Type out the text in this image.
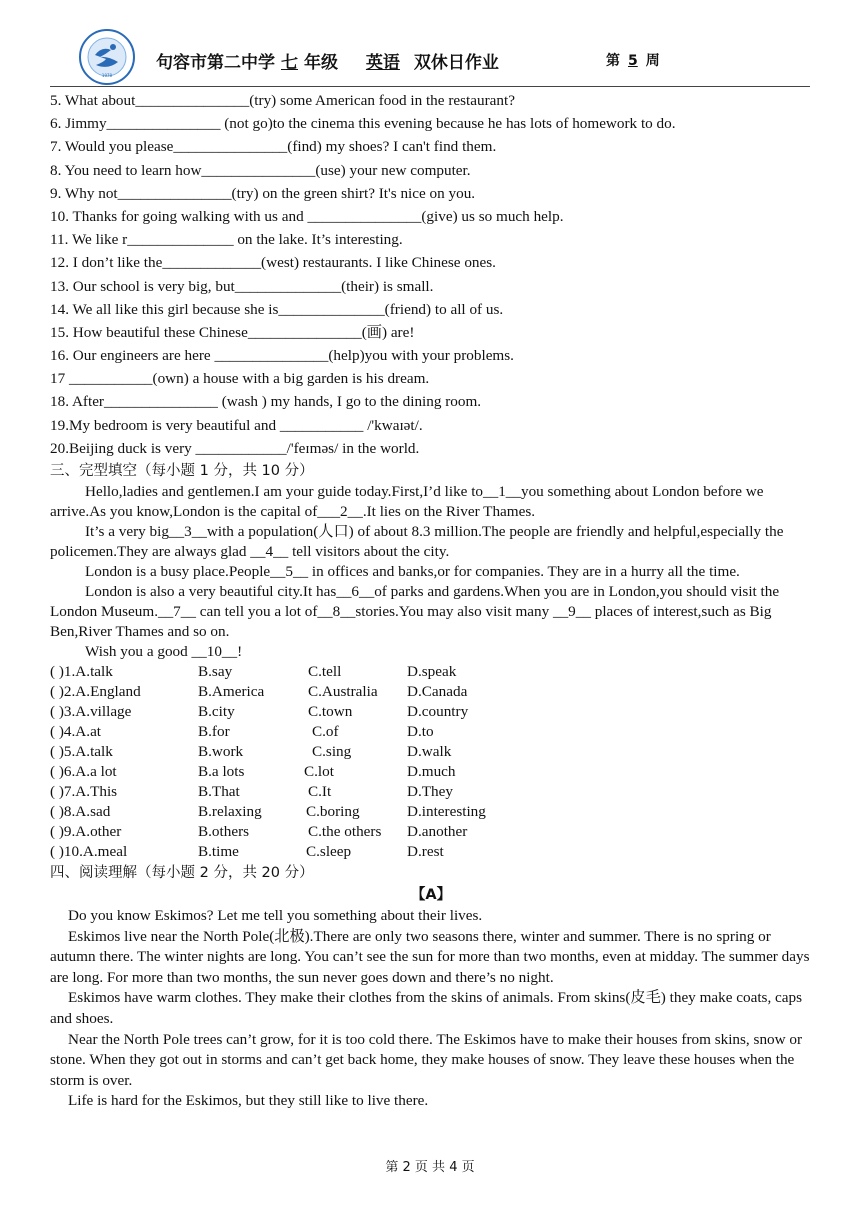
1978
句容市第二中学 七 年级 英语 双休日作业	第 5 周
5. What about_______________(try) some American food in the restaurant?
6. Jimmy_______________ (not go)to the cinema this evening because he has lots of homework to do.
7. Would you please_______________(find) my shoes? I can't find them.
8. You need to learn how_______________(use) your new computer.
9. Why not_______________(try) on the green shirt? It's nice on you.
10. Thanks for going walking with us and _______________(give) us so much help.
11. We like r______________ on the lake. It’s interesting.
12. I don’t like the_____________(west) restaurants. I like Chinese ones.
13. Our school is very big, but______________(their) is small.
14. We all like this girl because she is______________(friend) to all of us.
15. How beautiful these Chinese_______________(画) are!
16. Our engineers are here _______________(help)you with your problems.
17 ___________(own) a house with a big garden is his dream.
18. After_______________ (wash ) my hands, I go to the dining room.
19.My bedroom is very beautiful and ___________ /'kwaɪət/.
20.Beijing duck is very ____________/'feɪməs/ in the world.
三、完型填空（每小题 1 分，共 10 分）

Hello,ladies and gentlemen.I am your guide today.First,I’d like to__1__you something about London before we arrive.As you know,London is the capital of___2__.It lies on the River Thames.

It’s a very big__3__with a population(人口) of about 8.3 million.The people are friendly and helpful,especially the policemen.They are always glad __4__ tell visitors about the city.

London is a busy place.People__5__ in offices and banks,or for companies. They are in a hurry all the time.

London is also a very beautiful city.It has__6__of parks and gardens.When you are in London,you should visit the London Museum.__7__ can tell you a lot of__8__stories.You may also visit many __9__ places of interest,such as Big Ben,River Thames and so on.

Wish you a good __10__!

( )1.A.talk	B.say	C.tell	D.speak
( )2.A.England	B.America	C.Australia D.Canada
( )3.A.village	B.city	C.town	D.country
( )4.A.at	B.for	C.of	D.to
( )5.A.talk	B.work	C.sing	D.walk
( )6.A.a lot	B.a lots	C.lot	D.much
( )7.A.This	B.That	C.It	D.They
( )8.A.sad	B.relaxing	C.boring	D.interesting
( )9.A.other	B.others	C.the others D.another
( )10.A.meal	B.time	C.sleep	D.rest
四、阅读理解（每小题 2 分，共 20 分）
【A】

Do you know Eskimos? Let me tell you something about their lives.

Eskimos live near the North Pole(北极).There are only two seasons there, winter and summer. There is no spring or autumn there. The winter nights are long. You can’t see the sun for more than two months, even at midday. The summer days are long. For more than two months, the sun never goes down and there’s no night.

Eskimos have warm clothes. They make their clothes from the skins of animals. From skins(皮毛) they make coats, caps and shoes.

Near the North Pole trees can’t grow, for it is too cold there. The Eskimos have to make their houses from skins, snow or stone. When they got out in storms and can’t get back home, they make houses of snow. They leave these houses when the storm is over.

Life is hard for the Eskimos, but they still like to live there.

第 2 页 共 4 页
